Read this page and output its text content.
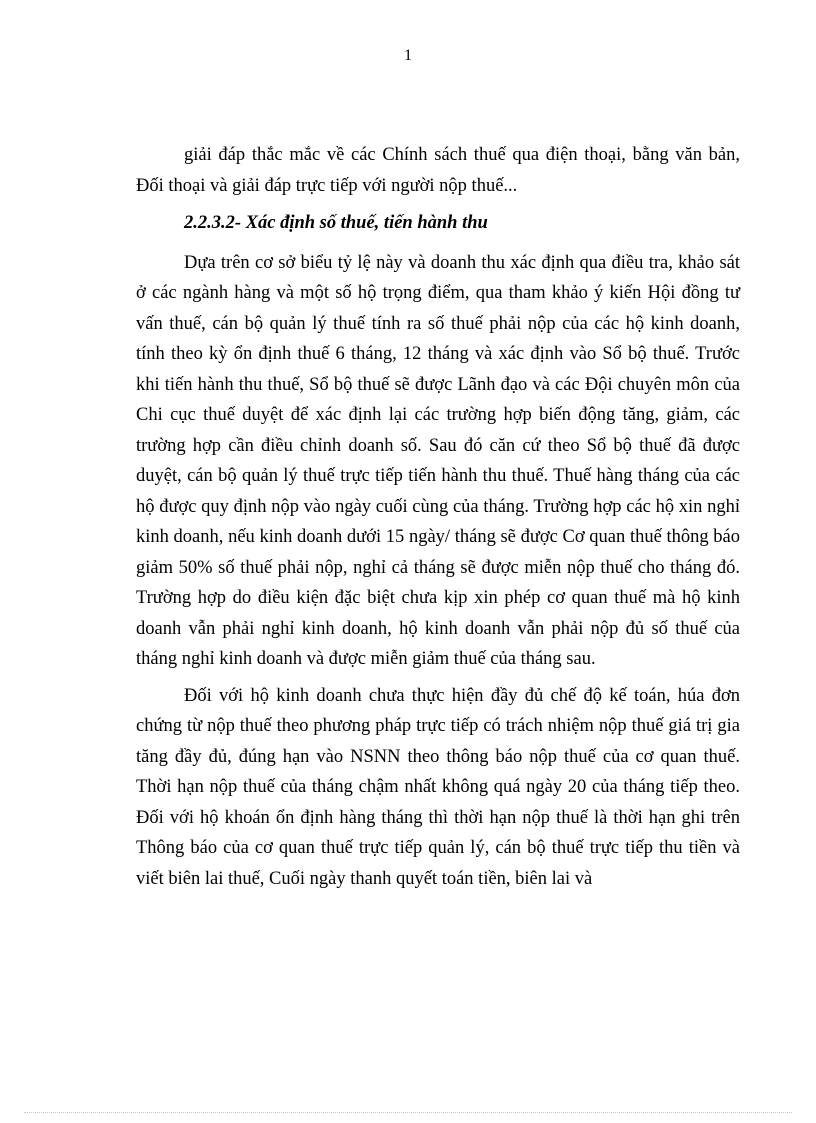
1

giải đáp thắc mắc về các Chính sách thuế qua điện thoại, bằng văn bản, Đối thoại và giải đáp trực tiếp với người nộp thuế...

2.2.3.2- Xác định số thuế, tiến hành thu

Dựa trên cơ sở biểu tỷ lệ này và doanh thu xác định qua điều tra, khảo sát ở các ngành hàng và một số hộ trọng điểm, qua tham khảo ý kiến Hội đồng tư vấn thuế, cán bộ quản lý thuế tính ra số thuế phải nộp của các hộ kinh doanh, tính theo kỳ ổn định thuế 6 tháng, 12 tháng và xác định vào Sổ bộ thuế. Trước khi tiến hành thu thuế, Sổ bộ thuế sẽ được Lãnh đạo và các Đội chuyên môn của Chi cục thuế duyệt để xác định lại các trường hợp biến động tăng, giảm, các trường hợp cần điều chỉnh doanh số. Sau đó căn cứ theo Sổ bộ thuế đã được duyệt, cán bộ quản lý thuế trực tiếp tiến hành thu thuế. Thuế hàng tháng của các hộ được quy định nộp vào ngày cuối cùng của tháng. Trường hợp các hộ xin nghỉ kinh doanh, nếu kinh doanh dưới 15 ngày/ tháng sẽ được Cơ quan thuế thông báo giảm 50% số thuế phải nộp, nghỉ cả tháng sẽ được miễn nộp thuế cho tháng đó. Trường hợp do điều kiện đặc biệt chưa kịp xin phép cơ quan thuế mà hộ kinh doanh vẫn phải nghỉ kinh doanh, hộ kinh doanh vẫn phải nộp đủ số thuế của tháng nghỉ kinh doanh và được miễn giảm thuế của tháng sau.

Đối với hộ kinh doanh chưa thực hiện đầy đủ chế độ kế toán, húa đơn chứng từ nộp thuế theo phương pháp trực tiếp có trách nhiệm nộp thuế giá trị gia tăng đầy đủ, đúng hạn vào NSNN theo thông báo nộp thuế của cơ quan thuế. Thời hạn nộp thuế của tháng chậm nhất không quá ngày 20 của tháng tiếp theo. Đối với hộ khoán ổn định hàng tháng thì thời hạn nộp thuế là thời hạn ghi trên Thông báo của cơ quan thuế trực tiếp quản lý, cán bộ thuế trực tiếp thu tiền và viết biên lai thuế, Cuối ngày thanh quyết toán tiền, biên lai và
